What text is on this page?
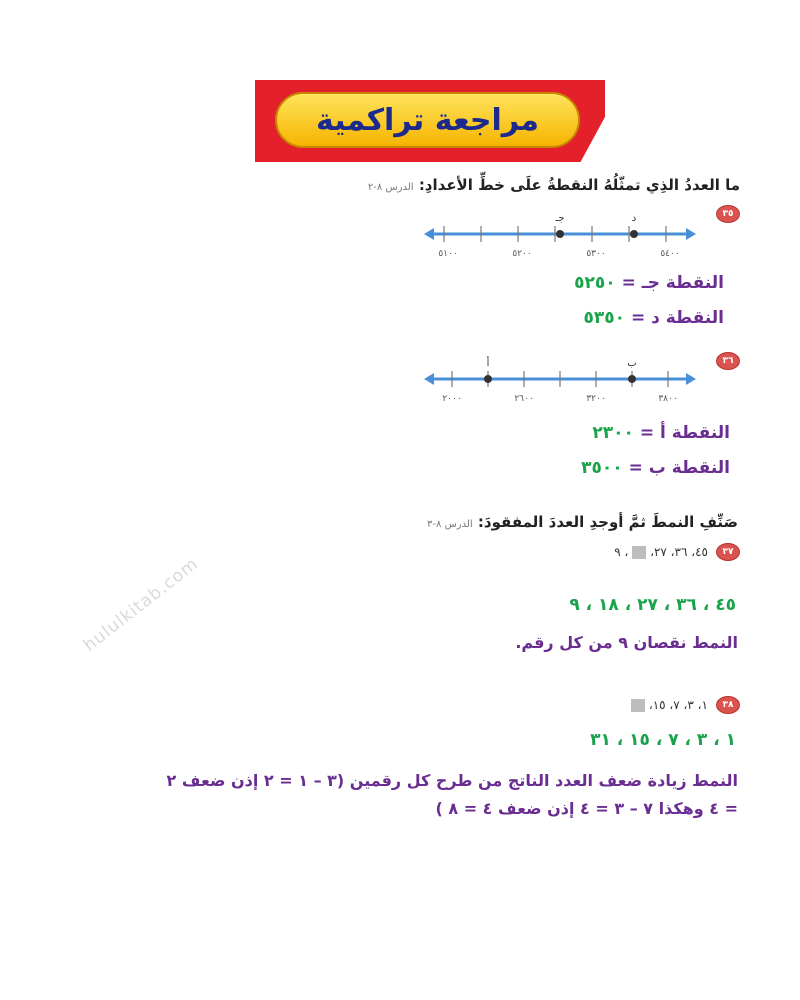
مراجعة تراكمية
ما العددُ الذِي تمثّلُهُ النقطةُ علَى خطِّ الأعدادِ: الدرس ٨-٢
٣٥
جـ	د
٥١٠٠	٥٢٠٠	٥٣٠٠	٥٤٠٠
النقطة جـ = ٥٢٥٠
النقطة د = ٥٣٥٠
٣٦
أ	ب
٢٠٠٠	٢٦٠٠	٣٢٠٠	٣٨٠٠
النقطة أ = ٢٣٠٠
النقطة ب = ٣٥٠٠
صَنِّفِ النمطَ ثمَّ أوجدِ العددَ المفقودَ: الدرس ٨-٣
٣٧
٤٥، ٣٦، ٢٧،  ، ٩
٤٥ ، ٣٦ ، ٢٧ ، ١٨ ، ٩
النمط نقصان ٩ من كل رقم.
hululkitab.com
٣٨
١، ٣، ٧، ١٥،
١ ، ٣ ، ٧ ، ١٥ ، ٣١
النمط زيادة ضعف العدد الناتج من طرح كل رقمين (٣ – ١ = ٢ إذن ضعف ٢
= ٤ وهكذا ٧ – ٣ = ٤ إذن ضعف ٤ = ٨ )
